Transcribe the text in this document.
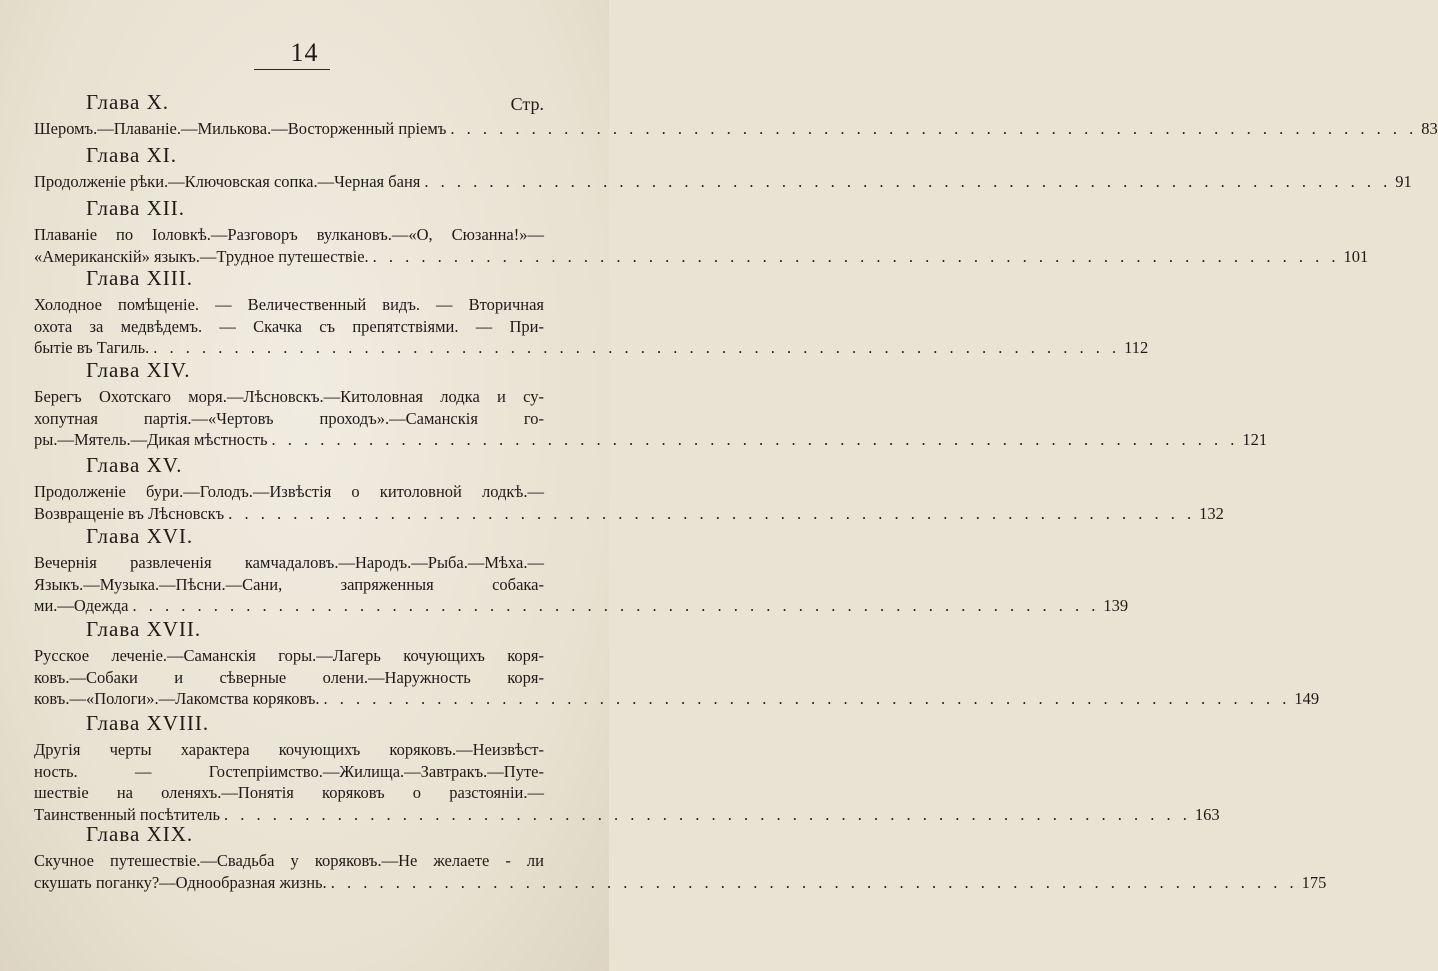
14
Глава X.	Стр.
Шеромъ.—Плаваніе.—Милькова.—Восторженный пріемъ . . . . . . . . . . . . . . . . . . . . . . . . . . . . . . . . . . . . . . . . . . . . . . . . . . . . . . . . . . . . 83
Глава XI.
Продолженіе рѣки.—Ключовская сопка.—Черная баня . . . . . . . . . . . . . . . . . . . . . . . . . . . . . . . . . . . . . . . . . . . . . . . . . . . . . . . . . . . . 91
Глава XII.
Плаваніе по Іоловкѣ.—Разговоръ вулкановъ.—«О, Сюзанна!»—
«Американскій» языкъ.—Трудное путешествіе. . . . . . . . . . . . . . . . . . . . . . . . . . . . . . . . . . . . . . . . . . . . . . . . . . . . . . . . . . . . . 101
Глава XIII.
Холодное помѣщеніе. — Величественный видъ. — Вторичная
охота за медвѣдемъ. — Скачка съ препятствіями. — При-
бытіе въ Тагиль. . . . . . . . . . . . . . . . . . . . . . . . . . . . . . . . . . . . . . . . . . . . . . . . . . . . . . . . . . . . . 112
Глава XIV.
Берегъ Охотскаго моря.—Лѣсновскъ.—Китоловная лодка и су-
хопутная партія.—«Чертовъ проходъ».—Саманскія го-
ры.—Мятель.—Дикая мѣстность . . . . . . . . . . . . . . . . . . . . . . . . . . . . . . . . . . . . . . . . . . . . . . . . . . . . . . . . . . . . 121
Глава XV.
Продолженіе бури.—Голодъ.—Извѣстія о китоловной лодкѣ.—
Возвращеніе въ Лѣсновскъ . . . . . . . . . . . . . . . . . . . . . . . . . . . . . . . . . . . . . . . . . . . . . . . . . . . . . . . . . . . . 132
Глава XVI.
Вечернія развлеченія камчадаловъ.—Народъ.—Рыба.—Мѣха.—
Языкъ.—Музыка.—Пѣсни.—Сани, запряженныя собака-
ми.—Одежда . . . . . . . . . . . . . . . . . . . . . . . . . . . . . . . . . . . . . . . . . . . . . . . . . . . . . . . . . . . . 139
Глава XVII.
Русское леченіе.—Саманскія горы.—Лагерь кочующихъ коря-
ковъ.—Собаки и сѣверные олени.—Наружность коря-
ковъ.—«Пологи».—Лакомства коряковъ. . . . . . . . . . . . . . . . . . . . . . . . . . . . . . . . . . . . . . . . . . . . . . . . . . . . . . . . . . . . . 149
Глава XVIII.
Другія черты характера кочующихъ коряковъ.—Неизвѣст-
ность. — Гостепріимство.—Жилища.—Завтракъ.—Путе-
шествіе на оленяхъ.—Понятія коряковъ о разстояніи.—
Таинственный посѣтитель . . . . . . . . . . . . . . . . . . . . . . . . . . . . . . . . . . . . . . . . . . . . . . . . . . . . . . . . . . . . 163
Глава XIX.
Скучное путешествіе.—Свадьба у коряковъ.—Не желаете - ли
скушать поганку?—Однообразная жизнь. . . . . . . . . . . . . . . . . . . . . . . . . . . . . . . . . . . . . . . . . . . . . . . . . . . . . . . . . . . . . 175
